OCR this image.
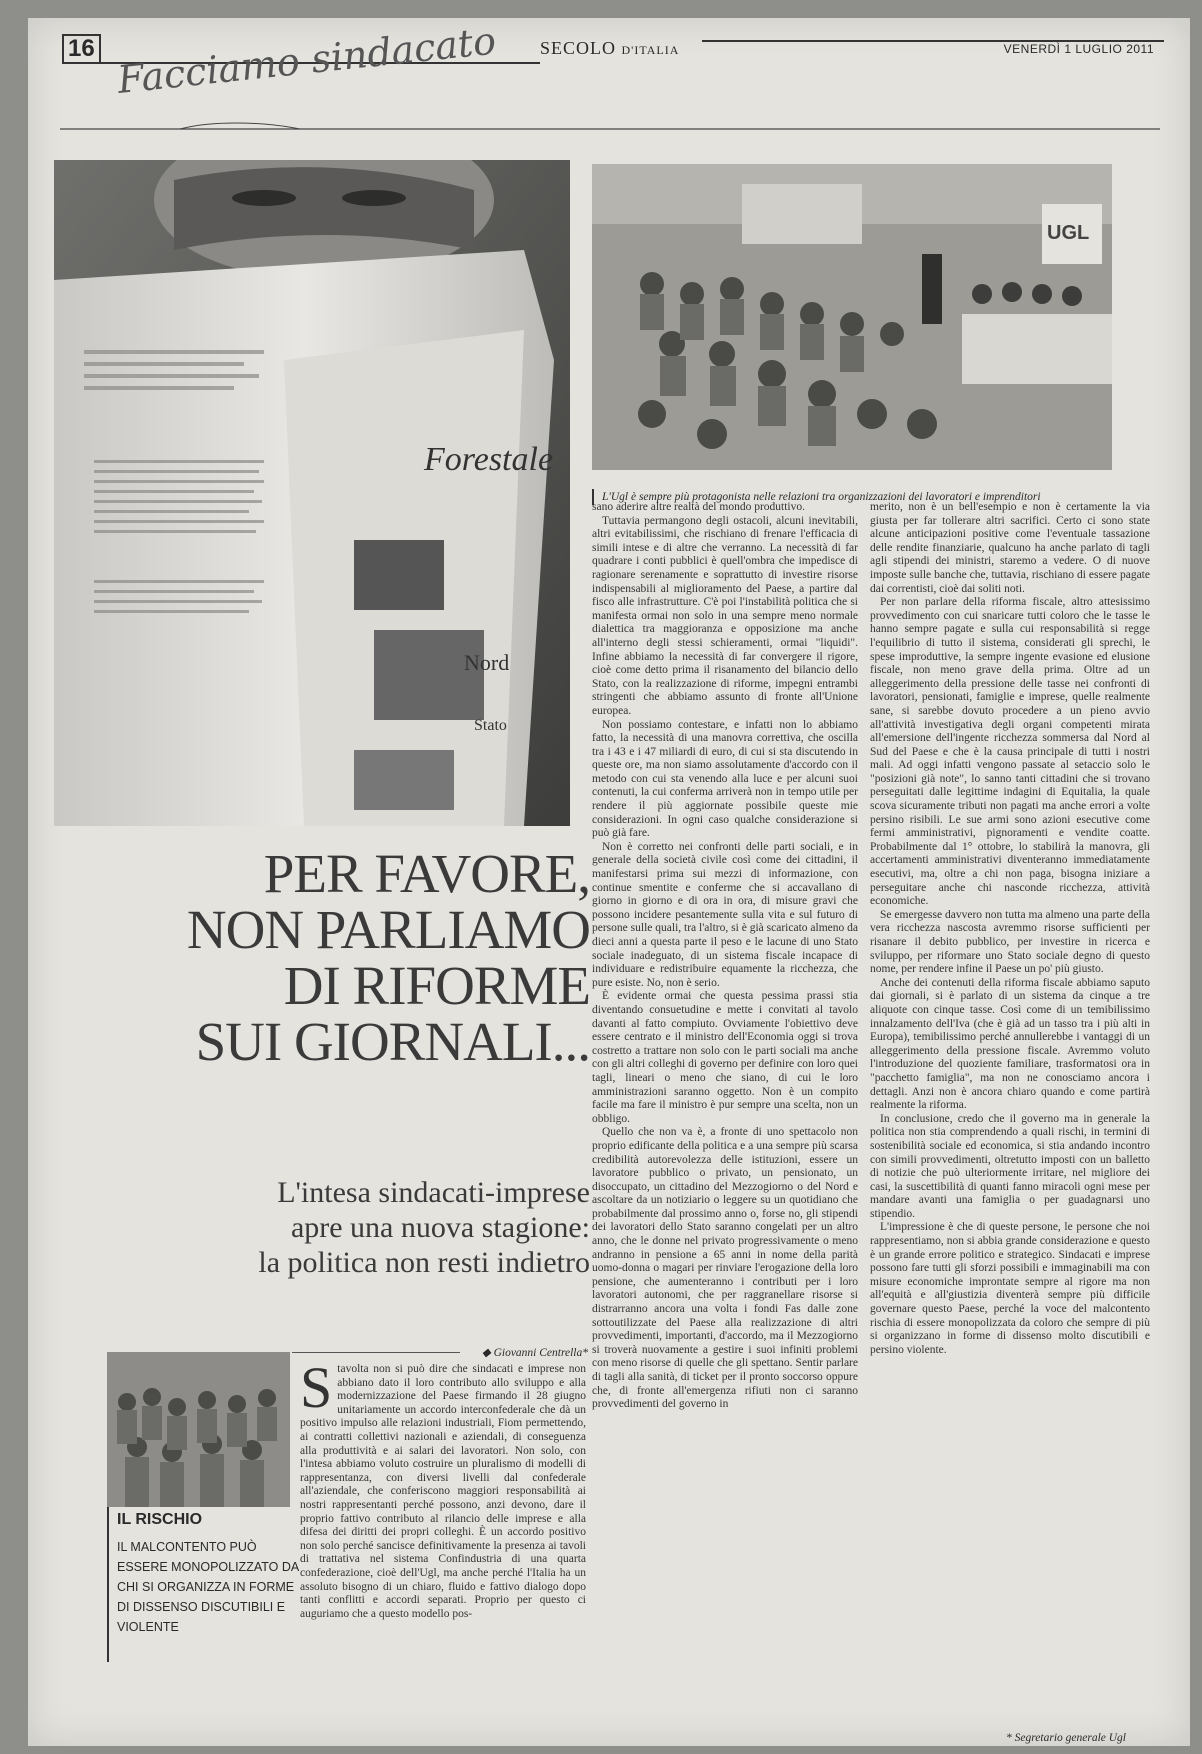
16	SECOLO D'ITALIA	VENERDÌ 1 LUGLIO 2011
Facciamo sindacato
Forestale
Nord
Stato
UGL
L'Ugl è sempre più protagonista nelle relazioni tra organizzazioni dei lavoratori e imprenditori
PER FAVORE,
NON PARLIAMO
DI RIFORME
SUI GIORNALI...
L'intesa sindacati-imprese
apre una nuova stagione:
la politica non resti indietro
◆ Giovanni Centrella*
IL RISCHIO
IL MALCONTENTO PUÒ ESSERE MONOPOLIZZATO DA CHI SI ORGANIZZA IN FORME DI DISSENSO DISCUTIBILI E VIOLENTE
S tavolta non si può dire che sindacati e imprese non abbiano dato il loro contributo allo sviluppo e alla modernizzazione del Paese firmando il 28 giugno unitariamente un accordo interconfederale che dà un positivo impulso alle relazioni industriali, Fiom permettendo, ai contratti collettivi nazionali e aziendali, di conseguenza alla produttività e ai salari dei lavoratori. Non solo, con l'intesa abbiamo voluto costruire un pluralismo di modelli di rappresentanza, con diversi livelli dal confederale all'aziendale, che conferiscono maggiori responsabilità ai nostri rappresentanti perché possono, anzi devono, dare il proprio fattivo contributo al rilancio delle imprese e alla difesa dei diritti dei propri colleghi. È un accordo positivo non solo perché sancisce definitivamente la presenza ai tavoli di trattativa nel sistema Confindustria di una quarta confederazione, cioè dell'Ugl, ma anche perché l'Italia ha un assoluto bisogno di un chiaro, fluido e fattivo dialogo dopo tanti conflitti e accordi separati. Proprio per questo ci auguriamo che a questo modello pos-

sano aderire altre realtà del mondo produttivo.

Tuttavia permangono degli ostacoli, alcuni inevitabili, altri evitabilissimi, che rischiano di frenare l'efficacia di simili intese e di altre che verranno. La necessità di far quadrare i conti pubblici è quell'ombra che impedisce di ragionare serenamente e soprattutto di investire risorse indispensabili al miglioramento del Paese, a partire dal fisco alle infrastrutture. C'è poi l'instabilità politica che si manifesta ormai non solo in una sempre meno normale dialettica tra maggioranza e opposizione ma anche all'interno degli stessi schieramenti, ormai "liquidi". Infine abbiamo la necessità di far convergere il rigore, cioè come detto prima il risanamento del bilancio dello Stato, con la realizzazione di riforme, impegni entrambi stringenti che abbiamo assunto di fronte all'Unione europea.

Non possiamo contestare, e infatti non lo abbiamo fatto, la necessità di una manovra correttiva, che oscilla tra i 43 e i 47 miliardi di euro, di cui si sta discutendo in queste ore, ma non siamo assolutamente d'accordo con il metodo con cui sta venendo alla luce e per alcuni suoi contenuti, la cui conferma arriverà non in tempo utile per rendere il più aggiornate possibile queste mie considerazioni. In ogni caso qualche considerazione si può già fare.

Non è corretto nei confronti delle parti sociali, e in generale della società civile così come dei cittadini, il manifestarsi prima sui mezzi di informazione, con continue smentite e conferme che si accavallano di giorno in giorno e di ora in ora, di misure gravi che possono incidere pesantemente sulla vita e sul futuro di persone sulle quali, tra l'altro, si è già scaricato almeno da dieci anni a questa parte il peso e le lacune di uno Stato sociale inadeguato, di un sistema fiscale incapace di individuare e redistribuire equamente la ricchezza, che pure esiste. No, non è serio.

È evidente ormai che questa pessima prassi stia diventando consuetudine e mette i convitati al tavolo davanti al fatto compiuto. Ovviamente l'obiettivo deve essere centrato e il ministro dell'Economia oggi si trova costretto a trattare non solo con le parti sociali ma anche con gli altri colleghi di governo per definire con loro quei tagli, lineari o meno che siano, di cui le loro amministrazioni saranno oggetto. Non è un compito facile ma fare il ministro è pur sempre una scelta, non un obbligo.

Quello che non va è, a fronte di uno spettacolo non proprio edificante della politica e a una sempre più scarsa credibilità autorevolezza delle istituzioni, essere un lavoratore pubblico o privato, un pensionato, un disoccupato, un cittadino del Mezzogiorno o del Nord e ascoltare da un notiziario o leggere su un quotidiano che probabilmente dal prossimo anno o, forse no, gli stipendi dei lavoratori dello Stato saranno congelati per un altro anno, che le donne nel privato progressivamente o meno andranno in pensione a 65 anni in nome della parità uomo-donna o magari per rinviare l'erogazione della loro pensione, che aumenteranno i contributi per i loro lavoratori autonomi, che per raggranellare risorse si distrarranno ancora una volta i fondi Fas dalle zone sottoutilizzate del Paese alla realizzazione di altri provvedimenti, importanti, d'accordo, ma il Mezzogiorno si troverà nuovamente a gestire i suoi infiniti problemi con meno risorse di quelle che gli spettano. Sentir parlare di tagli alla sanità, di ticket per il pronto soccorso oppure che, di fronte all'emergenza rifiuti non ci saranno provvedimenti del governo in

merito, non è un bell'esempio e non è certamente la via giusta per far tollerare altri sacrifici. Certo ci sono state alcune anticipazioni positive come l'eventuale tassazione delle rendite finanziarie, qualcuno ha anche parlato di tagli agli stipendi dei ministri, staremo a vedere. O di nuove imposte sulle banche che, tuttavia, rischiano di essere pagate dai correntisti, cioè dai soliti noti.

Per non parlare della riforma fiscale, altro attesissimo provvedimento con cui snaricare tutti coloro che le tasse le hanno sempre pagate e sulla cui responsabilità si regge l'equilibrio di tutto il sistema, considerati gli sprechi, le spese improduttive, la sempre ingente evasione ed elusione fiscale, non meno grave della prima. Oltre ad un alleggerimento della pressione delle tasse nei confronti di lavoratori, pensionati, famiglie e imprese, quelle realmente sane, si sarebbe dovuto procedere a un pieno avvio all'attività investigativa degli organi competenti mirata all'emersione dell'ingente ricchezza sommersa dal Nord al Sud del Paese e che è la causa principale di tutti i nostri mali. Ad oggi infatti vengono passate al setaccio solo le "posizioni già note", lo sanno tanti cittadini che si trovano perseguitati dalle legittime indagini di Equitalia, la quale scova sicuramente tributi non pagati ma anche errori a volte persino risibili. Le sue armi sono azioni esecutive come fermi amministrativi, pignoramenti e vendite coatte. Probabilmente dal 1° ottobre, lo stabilirà la manovra, gli accertamenti amministrativi diventeranno immediatamente esecutivi, ma, oltre a chi non paga, bisogna iniziare a perseguitare anche chi nasconde ricchezza, attività economiche.

Se emergesse davvero non tutta ma almeno una parte della vera ricchezza nascosta avremmo risorse sufficienti per risanare il debito pubblico, per investire in ricerca e sviluppo, per riformare uno Stato sociale degno di questo nome, per rendere infine il Paese un po' più giusto.

Anche dei contenuti della riforma fiscale abbiamo saputo dai giornali, si è parlato di un sistema da cinque a tre aliquote con cinque tasse. Così come di un temibilissimo innalzamento dell'Iva (che è già ad un tasso tra i più alti in Europa), temibilissimo perché annullerebbe i vantaggi di un alleggerimento della pressione fiscale. Avremmo voluto l'introduzione del quoziente familiare, trasformatosi ora in "pacchetto famiglia", ma non ne conosciamo ancora i dettagli. Anzi non è ancora chiaro quando e come partirà realmente la riforma.

In conclusione, credo che il governo ma in generale la politica non stia comprendendo a quali rischi, in termini di sostenibilità sociale ed economica, si stia andando incontro con simili provvedimenti, oltretutto imposti con un balletto di notizie che può ulteriormente irritare, nel migliore dei casi, la suscettibilità di quanti fanno miracoli ogni mese per mandare avanti una famiglia o per guadagnarsi uno stipendio.

L'impressione è che di queste persone, le persone che noi rappresentiamo, non si abbia grande considerazione e questo è un grande errore politico e strategico. Sindacati e imprese possono fare tutti gli sforzi possibili e immaginabili ma con misure economiche improntate sempre al rigore ma non all'equità e all'giustizia diventerà sempre più difficile governare questo Paese, perché la voce del malcontento rischia di essere monopolizzata da coloro che sempre di più si organizzano in forme di dissenso molto discutibili e persino violente.

* Segretario generale Ugl
